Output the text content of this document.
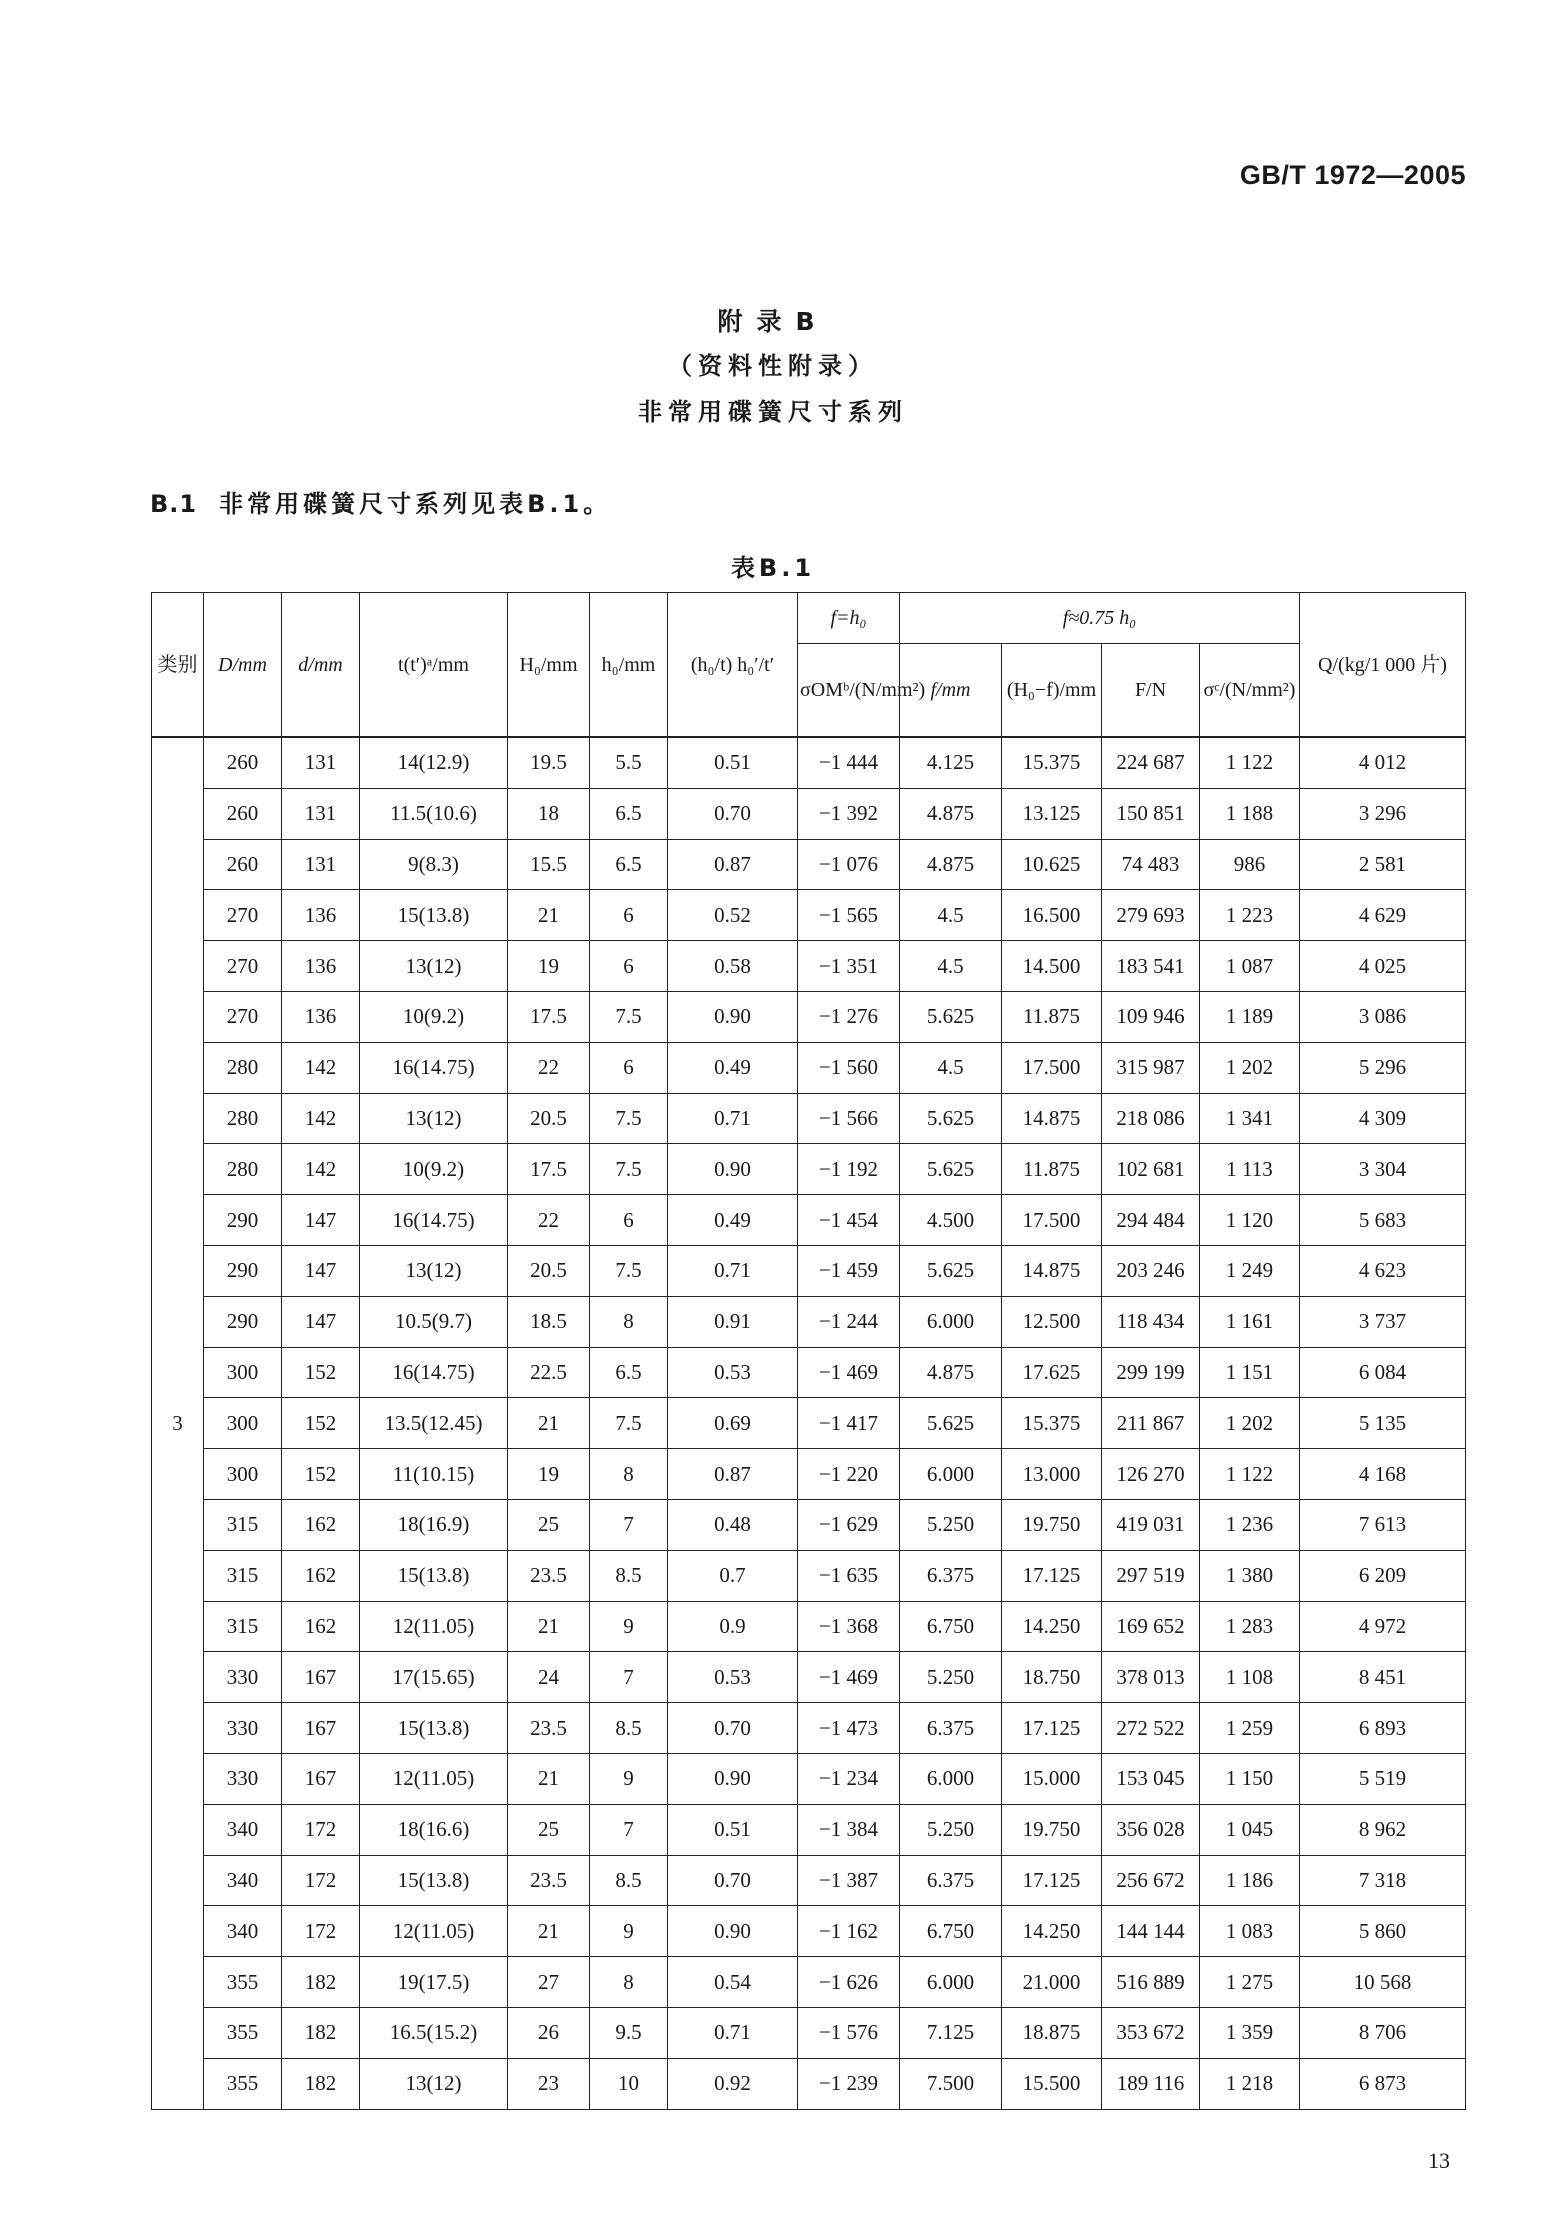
GB/T 1972—2005
附录B
（资料性附录）
非常用碟簧尺寸系列
B.1 非常用碟簧尺寸系列见表B.1。
表B.1
类别	D/mm	d/mm	t(t′)ᵃ/mm	H₀/mm	h₀/mm	(h₀/t) h₀′/t′	f=h₀	f≈0.75 h₀				Q/(kg/1 000 片)
							σOMᵇ/(N/mm²)	f/mm	(H₀−f)/mm	F/N	σᶜ/(N/mm²)	
3	260	131	14(12.9)	19.5	5.5	0.51	−1 444	4.125	15.375	224 687	1 122	4 012
	260	131	11.5(10.6)	18	6.5	0.70	−1 392	4.875	13.125	150 851	1 188	3 296
	260	131	9(8.3)	15.5	6.5	0.87	−1 076	4.875	10.625	74 483	986	2 581
	270	136	15(13.8)	21	6	0.52	−1 565	4.5	16.500	279 693	1 223	4 629
	270	136	13(12)	19	6	0.58	−1 351	4.5	14.500	183 541	1 087	4 025
	270	136	10(9.2)	17.5	7.5	0.90	−1 276	5.625	11.875	109 946	1 189	3 086
	280	142	16(14.75)	22	6	0.49	−1 560	4.5	17.500	315 987	1 202	5 296
	280	142	13(12)	20.5	7.5	0.71	−1 566	5.625	14.875	218 086	1 341	4 309
	280	142	10(9.2)	17.5	7.5	0.90	−1 192	5.625	11.875	102 681	1 113	3 304
	290	147	16(14.75)	22	6	0.49	−1 454	4.500	17.500	294 484	1 120	5 683
	290	147	13(12)	20.5	7.5	0.71	−1 459	5.625	14.875	203 246	1 249	4 623
	290	147	10.5(9.7)	18.5	8	0.91	−1 244	6.000	12.500	118 434	1 161	3 737
	300	152	16(14.75)	22.5	6.5	0.53	−1 469	4.875	17.625	299 199	1 151	6 084
	300	152	13.5(12.45)	21	7.5	0.69	−1 417	5.625	15.375	211 867	1 202	5 135
	300	152	11(10.15)	19	8	0.87	−1 220	6.000	13.000	126 270	1 122	4 168
	315	162	18(16.9)	25	7	0.48	−1 629	5.250	19.750	419 031	1 236	7 613
	315	162	15(13.8)	23.5	8.5	0.7	−1 635	6.375	17.125	297 519	1 380	6 209
	315	162	12(11.05)	21	9	0.9	−1 368	6.750	14.250	169 652	1 283	4 972
	330	167	17(15.65)	24	7	0.53	−1 469	5.250	18.750	378 013	1 108	8 451
	330	167	15(13.8)	23.5	8.5	0.70	−1 473	6.375	17.125	272 522	1 259	6 893
	330	167	12(11.05)	21	9	0.90	−1 234	6.000	15.000	153 045	1 150	5 519
	340	172	18(16.6)	25	7	0.51	−1 384	5.250	19.750	356 028	1 045	8 962
	340	172	15(13.8)	23.5	8.5	0.70	−1 387	6.375	17.125	256 672	1 186	7 318
	340	172	12(11.05)	21	9	0.90	−1 162	6.750	14.250	144 144	1 083	5 860
	355	182	19(17.5)	27	8	0.54	−1 626	6.000	21.000	516 889	1 275	10 568
	355	182	16.5(15.2)	26	9.5	0.71	−1 576	7.125	18.875	353 672	1 359	8 706
	355	182	13(12)	23	10	0.92	−1 239	7.500	15.500	189 116	1 218	6 873
13
